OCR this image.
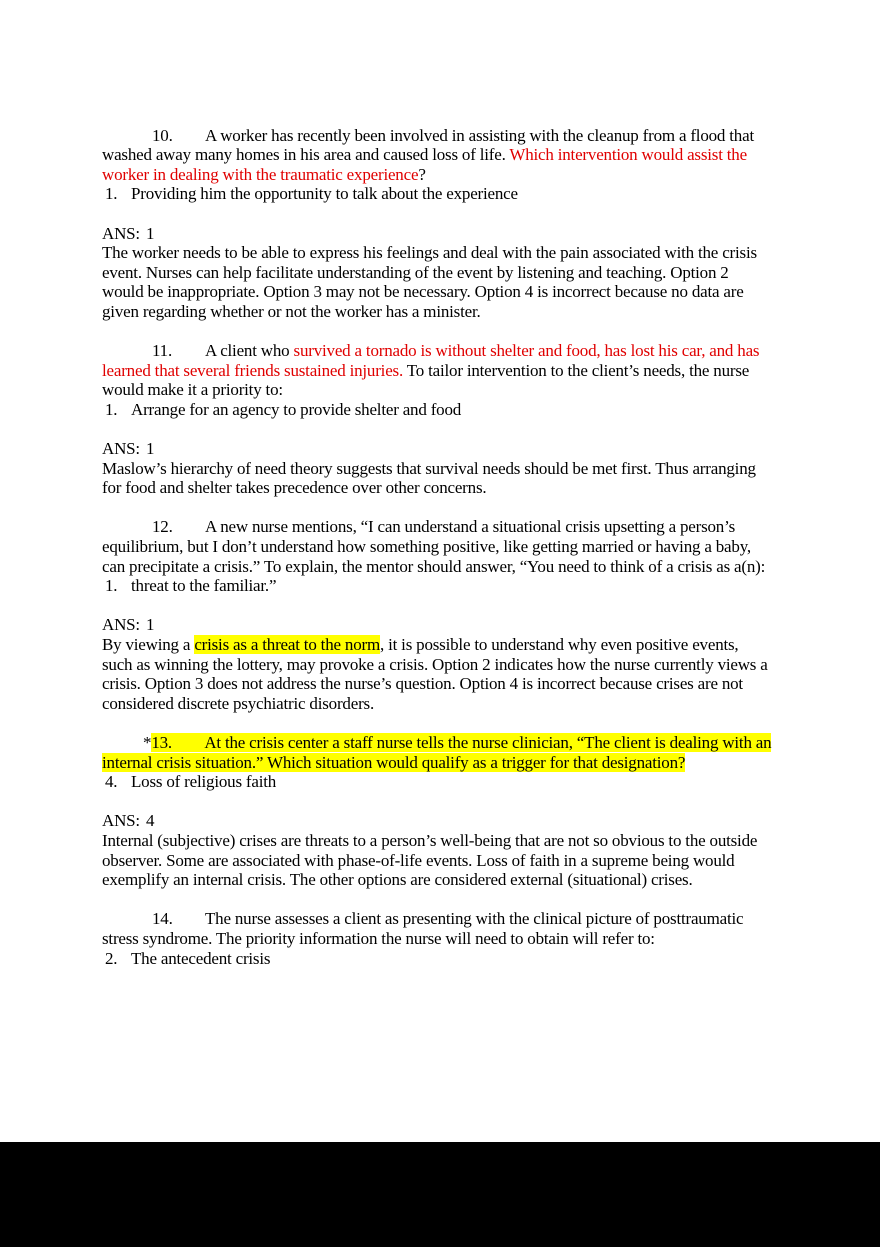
10. A worker has recently been involved in assisting with the cleanup from a flood that washed away many homes in his area and caused loss of life. Which intervention would assist the worker in dealing with the traumatic experience?

1. Providing him the opportunity to talk about the experience

ANS: 1

The worker needs to be able to express his feelings and deal with the pain associated with the crisis event. Nurses can help facilitate understanding of the event by listening and teaching. Option 2 would be inappropriate. Option 3 may not be necessary. Option 4 is incorrect because no data are given regarding whether or not the worker has a minister.

11. A client who survived a tornado is without shelter and food, has lost his car, and has learned that several friends sustained injuries. To tailor intervention to the client’s needs, the nurse would make it a priority to:

1. Arrange for an agency to provide shelter and food

ANS: 1

Maslow’s hierarchy of need theory suggests that survival needs should be met first. Thus arranging for food and shelter takes precedence over other concerns.

12. A new nurse mentions, “I can understand a situational crisis upsetting a person’s equilibrium, but I don’t understand how something positive, like getting married or having a baby, can precipitate a crisis.” To explain, the mentor should answer, “You need to think of a crisis as a(n):

1. threat to the familiar.”

ANS: 1

By viewing a crisis as a threat to the norm, it is possible to understand why even positive events, such as winning the lottery, may provoke a crisis. Option 2 indicates how the nurse currently views a crisis. Option 3 does not address the nurse’s question. Option 4 is incorrect because crises are not considered discrete psychiatric disorders.

*13. At the crisis center a staff nurse tells the nurse clinician, “The client is dealing with an internal crisis situation.” Which situation would qualify as a trigger for that designation?

4. Loss of religious faith

ANS: 4

Internal (subjective) crises are threats to a person’s well-being that are not so obvious to the outside observer. Some are associated with phase-of-life events. Loss of faith in a supreme being would exemplify an internal crisis. The other options are considered external (situational) crises.

14. The nurse assesses a client as presenting with the clinical picture of posttraumatic stress syndrome. The priority information the nurse will need to obtain will refer to:

2. The antecedent crisis
